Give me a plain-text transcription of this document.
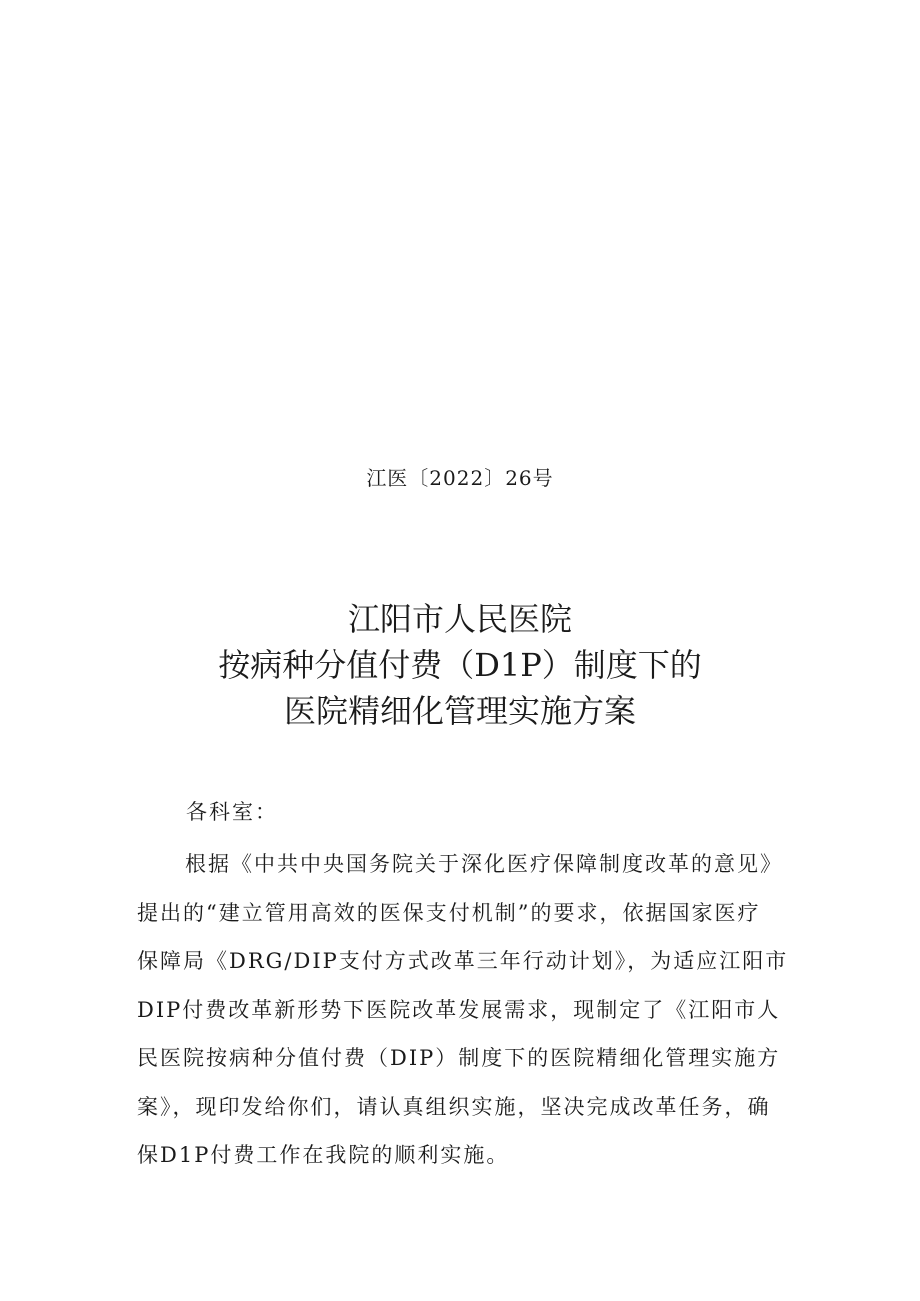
江医〔2022〕26号
江阳市人民医院
按病种分值付费（D1P）制度下的
医院精细化管理实施方案
各科室：
根据《中共中央国务院关于深化医疗保障制度改革的意见》
提出的“建立管用高效的医保支付机制”的要求，依据国家医疗
保障局《DRG/DIP支付方式改革三年行动计划》，为适应江阳市
DIP付费改革新形势下医院改革发展需求，现制定了《江阳市人
民医院按病种分值付费（DIP）制度下的医院精细化管理实施方
案》，现印发给你们，请认真组织实施，坚决完成改革任务，确
保D1P付费工作在我院的顺利实施。
